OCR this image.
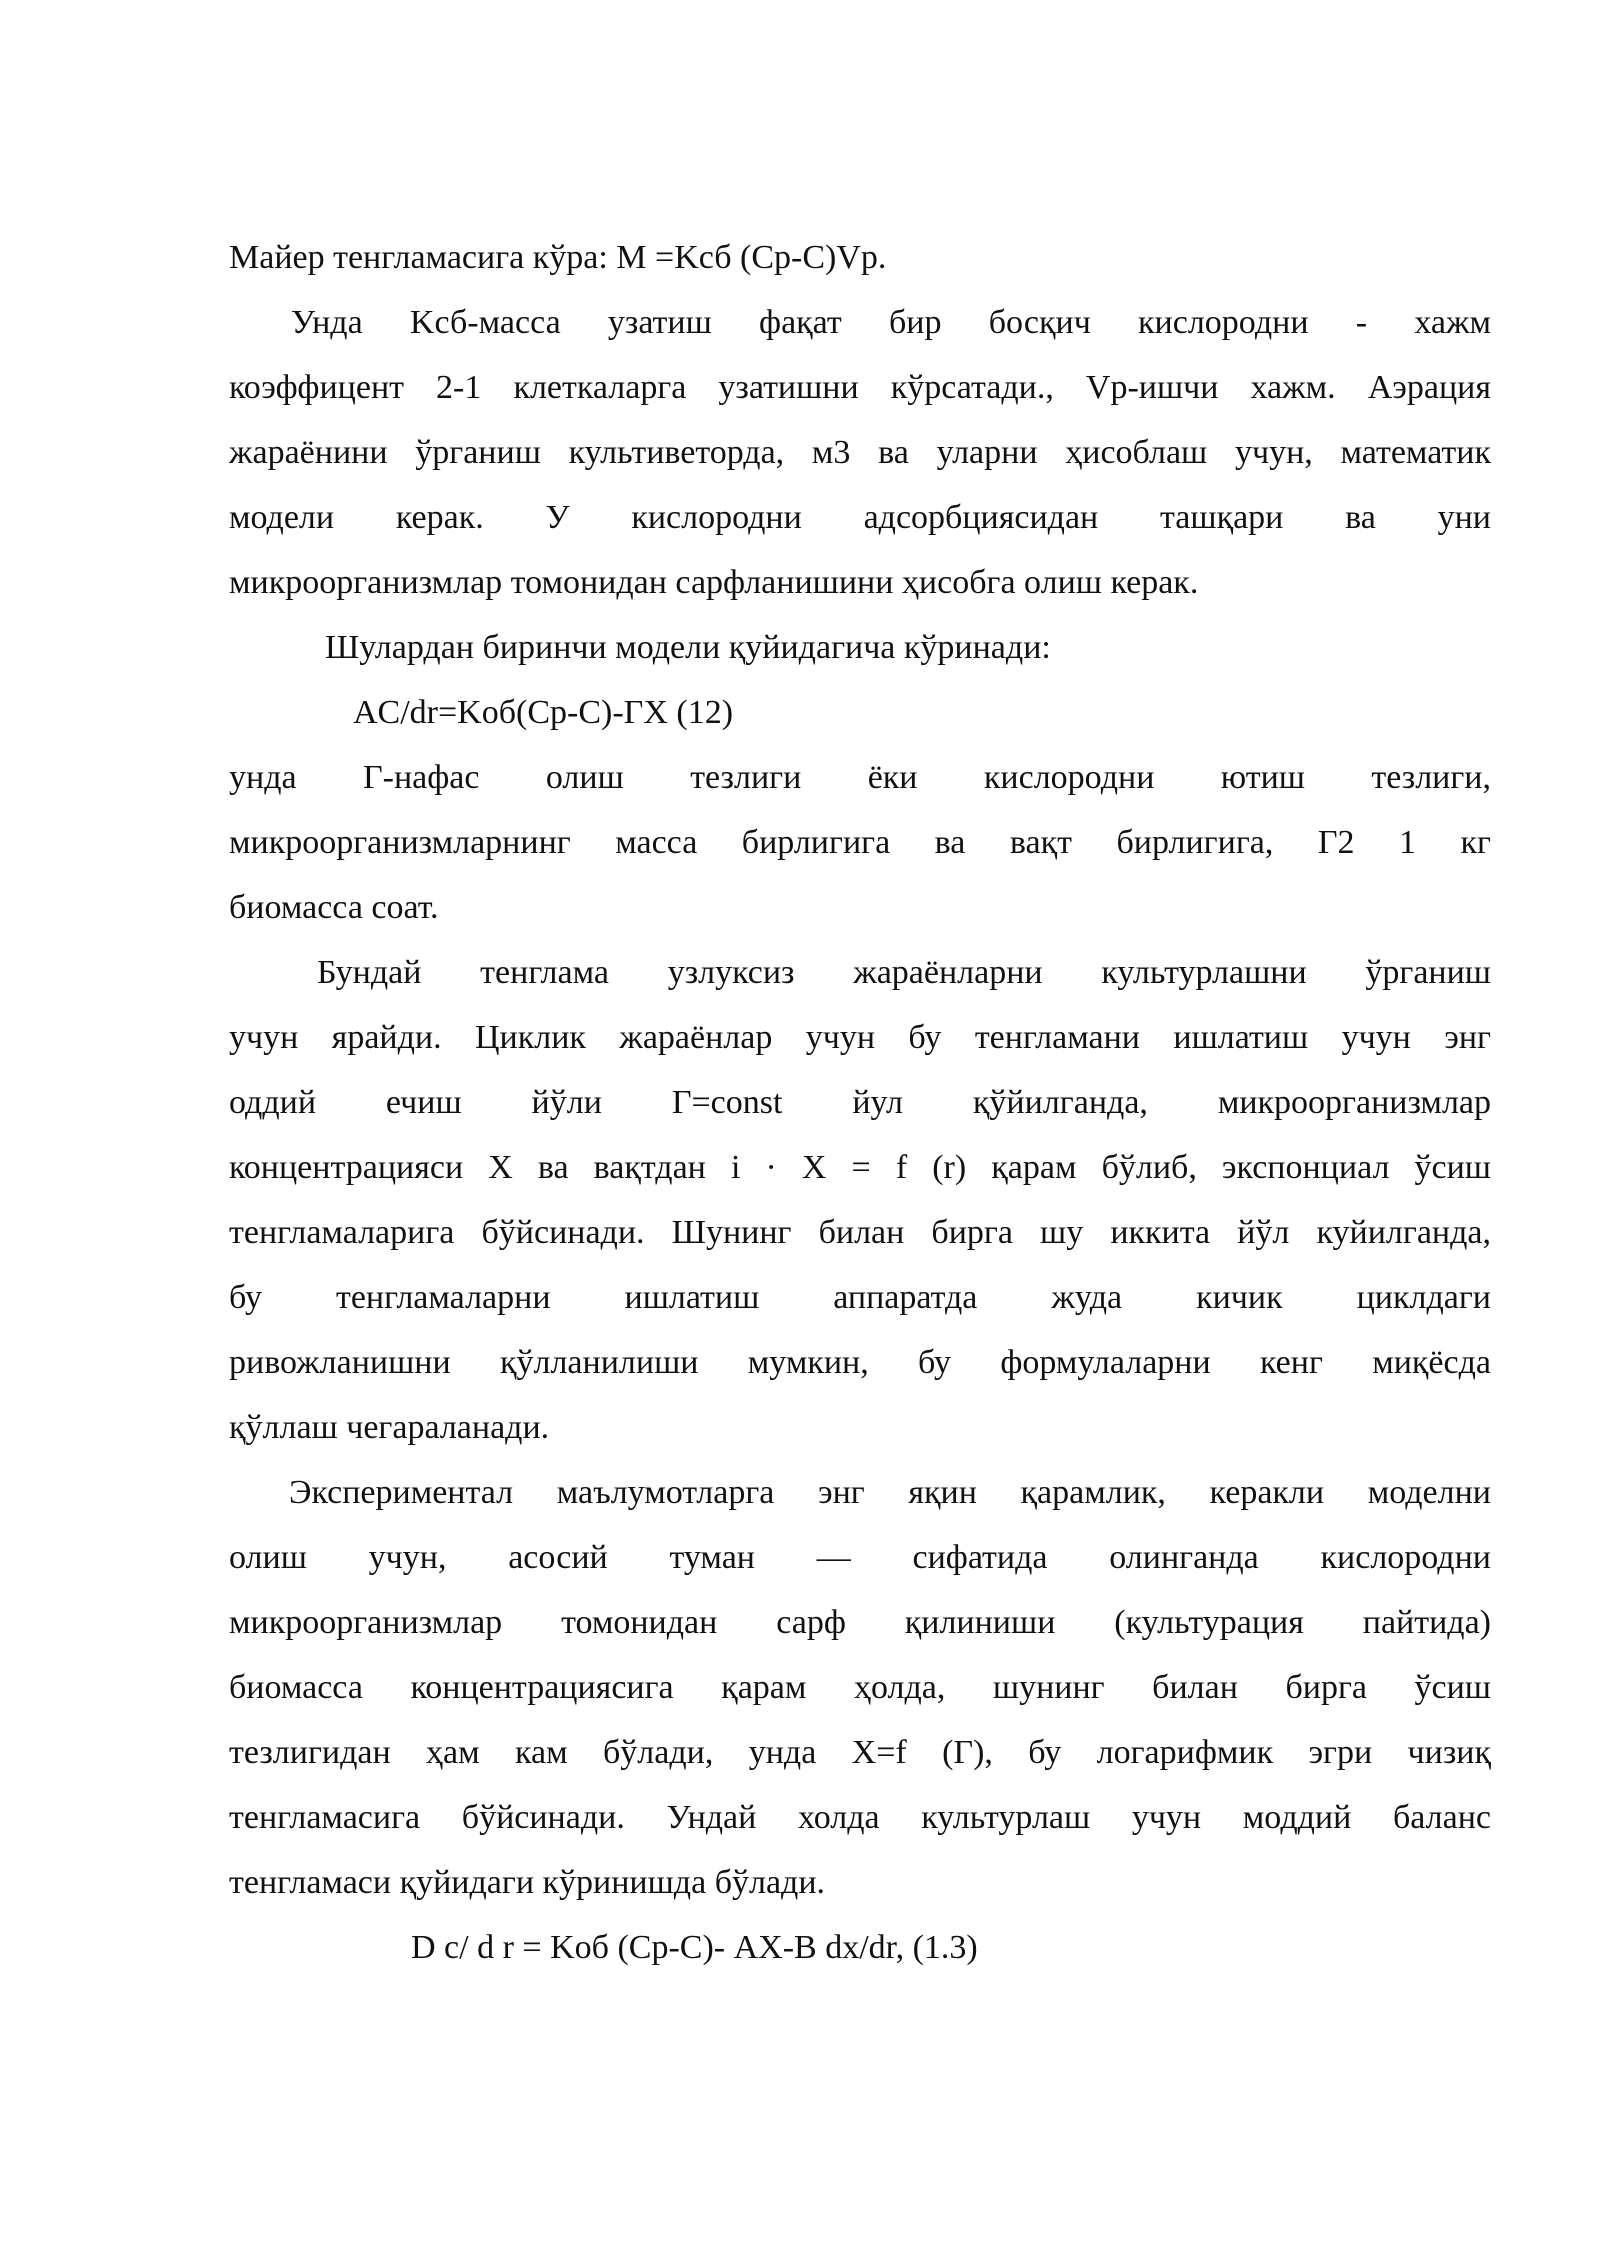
Майер тенгламасига кўра: M =Kсб (Cр-C)Vр.
Унда Kсб-масса узатиш фақат бир босқич кислородни - хажм
коэффицент 2-1 клеткаларга узатишни кўрсатади., Vр-ишчи хажм. Аэрация
жараёнини ўрганиш культиветорда, м3 ва уларни ҳисоблаш учун, математик
модели керак. У кислородни адсорбциясидан ташқари ва уни
микроорганизмлар томонидан сарфланишини ҳисобга олиш керак.
Шулардан биринчи модели қуйидагича кўринади:
AC/dr=Kоб(Cр-C)-ГX (12)
унда Г-нафас олиш тезлиги ёки кислородни ютиш тезлиги,
микроорганизмларнинг масса бирлигига ва вақт бирлигига, Г2 1 кг
биомасса соат.
Бундай тенглама узлуксиз жараёнларни культурлашни ўрганиш
учун ярайди. Циклик жараёнлар учун бу тенгламани ишлатиш учун энг
оддий ечиш йўли Г=const йул қўйилганда, микроорганизмлар
концентрацияси X ва вақтдан i · X = f (r) қарам бўлиб, экспонциал ўсиш
тенгламаларига бўйсинади. Шунинг билан бирга шу иккита йўл куйилганда,
бу тенгламаларни ишлатиш аппаратда жуда кичик циклдаги
ривожланишни қўлланилиши мумкин, бу формулаларни кенг миқёсда
қўллаш чегараланади.
Экспериментал маълумотларга энг яқин қарамлик, керакли моделни
олиш учун, асосий туман — сифатида олинганда кислородни
микроорганизмлар томонидан сарф қилиниши (культурация пайтида)
биомасса концентрациясига қарам ҳолда, шунинг билан бирга ўсиш
тезлигидан ҳам кам бўлади, унда X=f (Г), бу логарифмик эгри чизиқ
тенгламасига бўйсинади. Ундай холда культурлаш учун моддий баланс
тенгламаси қуйидаги кўринишда бўлади.
D c/ d r = Kоб (Cр-C)- AX-B dx/dr, (1.3)
